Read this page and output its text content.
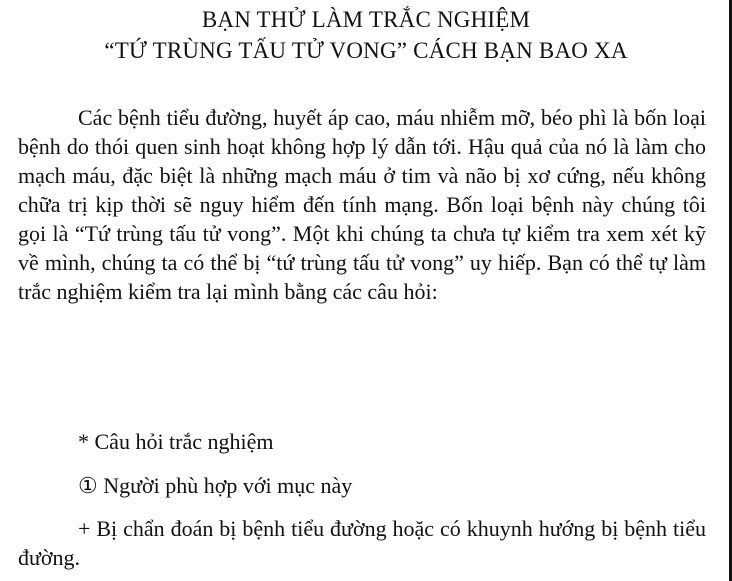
BẠN THỬ LÀM TRẮC NGHIỆM
“TỨ TRÙNG TẤU TỬ VONG” CÁCH BẠN BAO XA
Các bệnh tiểu đường, huyết áp cao, máu nhiễm mỡ, béo phì là bốn loại bệnh do thói quen sinh hoạt không hợp lý dẫn tới. Hậu quả của nó là làm cho mạch máu, đặc biệt là những mạch máu ở tim và não bị xơ cứng, nếu không chữa trị kịp thời sẽ nguy hiểm đến tính mạng. Bốn loại bệnh này chúng tôi gọi là “Tứ trùng tấu tử vong”. Một khi chúng ta chưa tự kiểm tra xem xét kỹ về mình, chúng ta có thể bị “tứ trùng tấu tử vong” uy hiếp. Bạn có thể tự làm trắc nghiệm kiểm tra lại mình bằng các câu hỏi:
* Câu hỏi trắc nghiệm
① Người phù hợp với mục này
+ Bị chẩn đoán bị bệnh tiểu đường hoặc có khuynh hướng bị bệnh tiểu đường.
